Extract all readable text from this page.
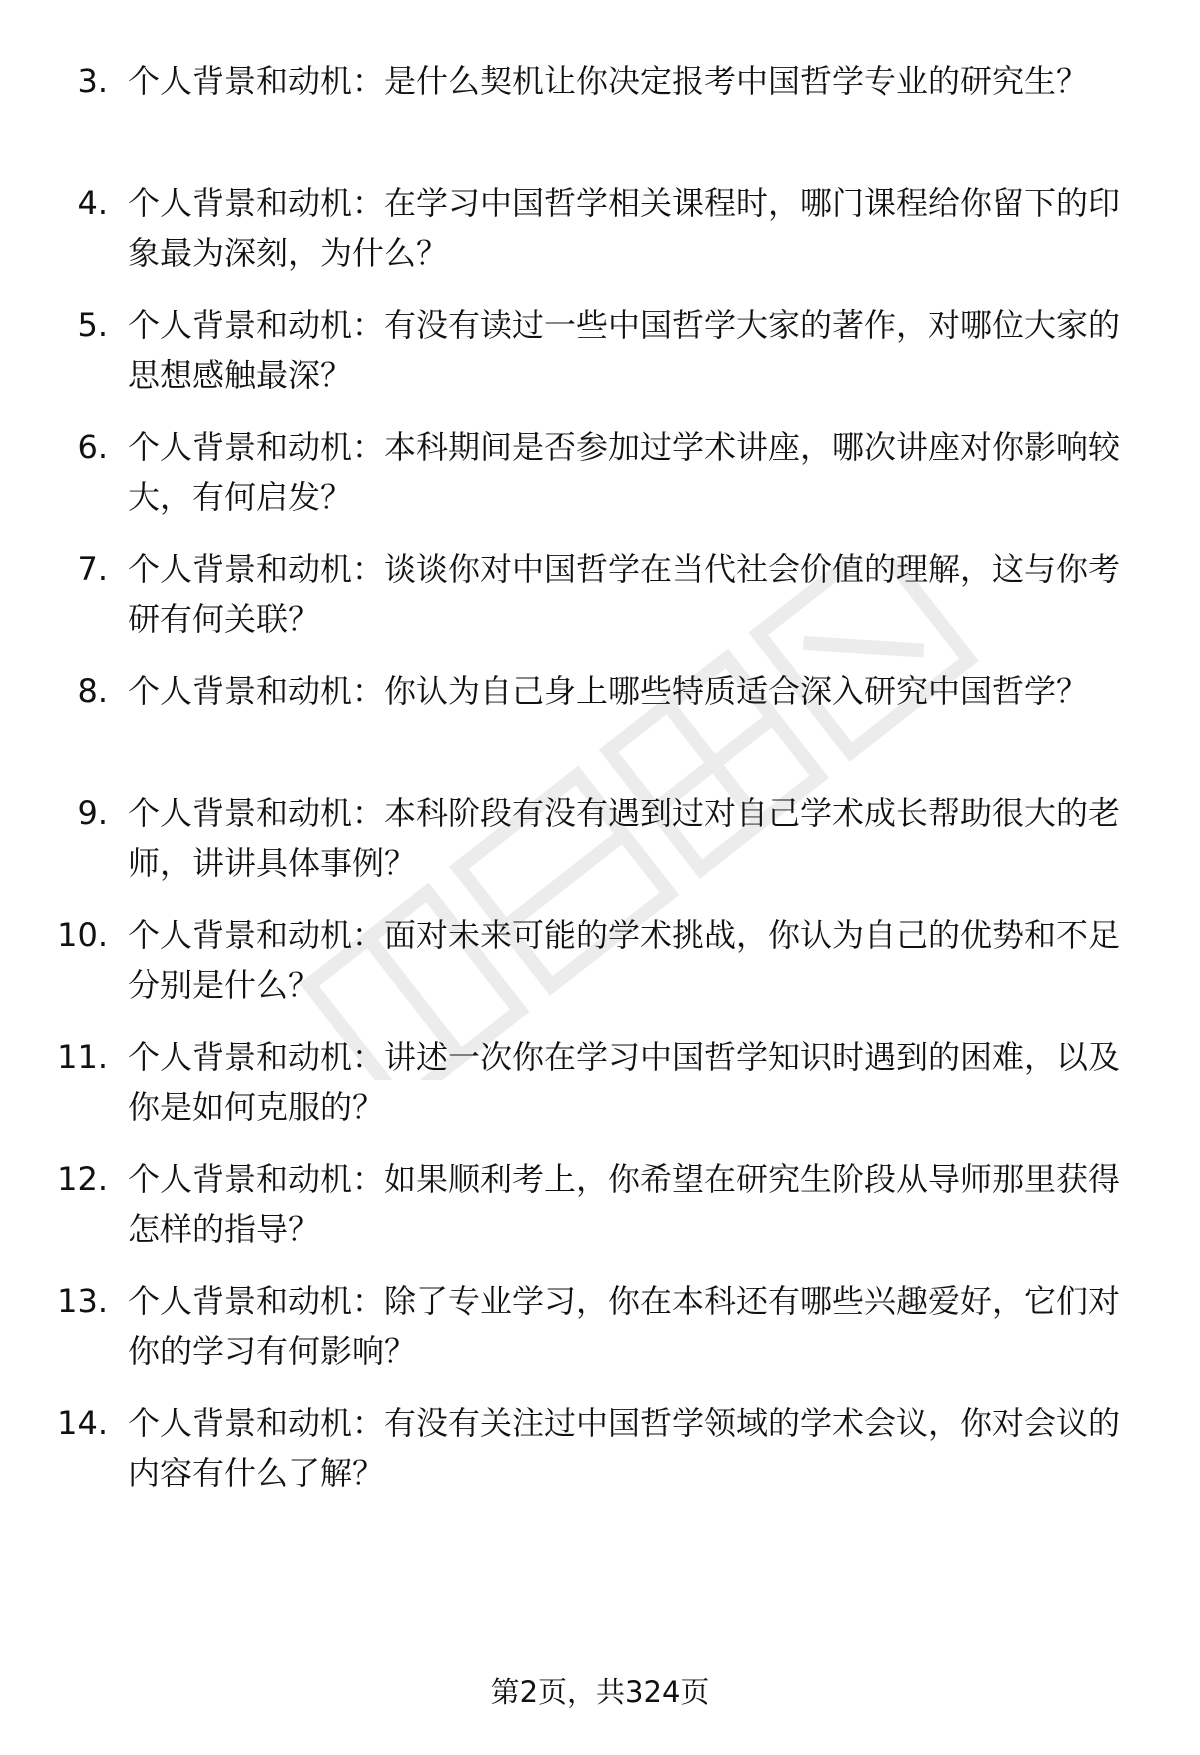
3. 个人背景和动机：是什么契机让你决定报考中国哲学专业的研究生？
4. 个人背景和动机：在学习中国哲学相关课程时，哪门课程给你留下的印象最为深刻，为什么？
5. 个人背景和动机：有没有读过一些中国哲学大家的著作，对哪位大家的思想感触最深？
6. 个人背景和动机：本科期间是否参加过学术讲座，哪次讲座对你影响较大，有何启发？
7. 个人背景和动机：谈谈你对中国哲学在当代社会价值的理解，这与你考研有何关联？
8. 个人背景和动机：你认为自己身上哪些特质适合深入研究中国哲学？
9. 个人背景和动机：本科阶段有没有遇到过对自己学术成长帮助很大的老师，讲讲具体事例？
10. 个人背景和动机：面对未来可能的学术挑战，你认为自己的优势和不足分别是什么？
11. 个人背景和动机：讲述一次你在学习中国哲学知识时遇到的困难，以及你是如何克服的？
12. 个人背景和动机：如果顺利考上，你希望在研究生阶段从导师那里获得怎样的指导？
13. 个人背景和动机：除了专业学习，你在本科还有哪些兴趣爱好，它们对你的学习有何影响？
14. 个人背景和动机：有没有关注过中国哲学领域的学术会议，你对会议的内容有什么了解？
第2页，共324页
